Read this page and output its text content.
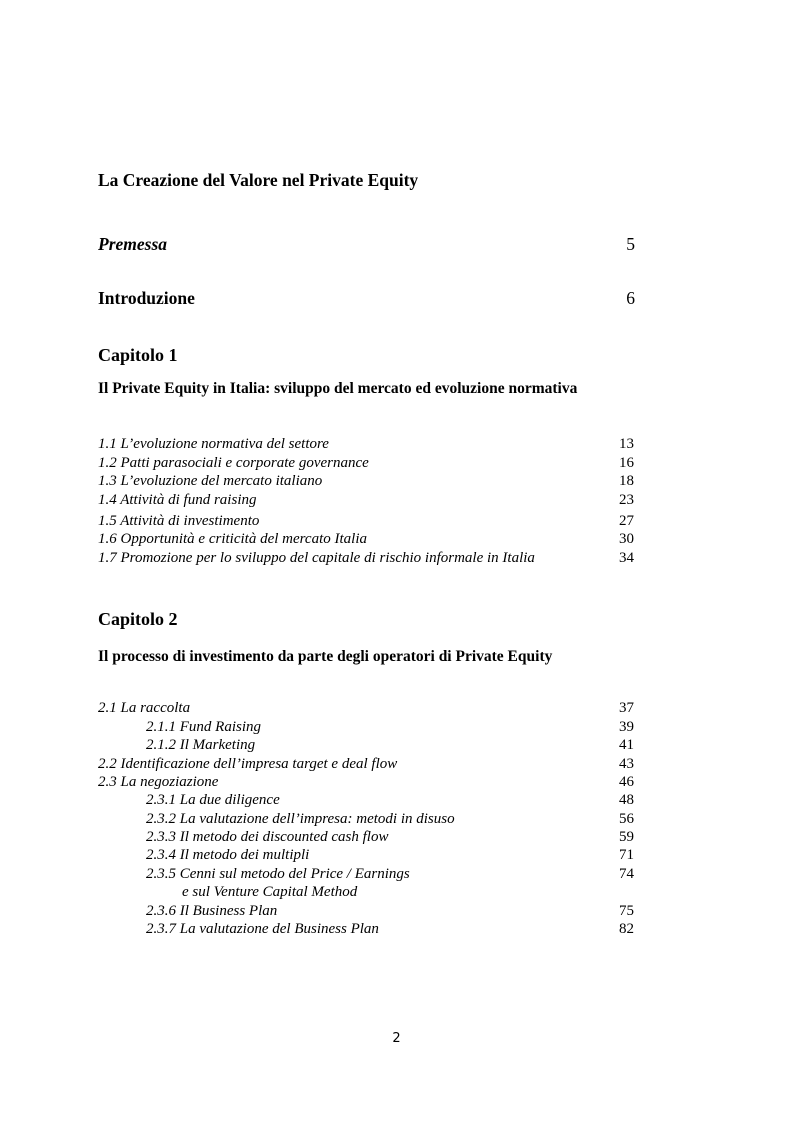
La Creazione del Valore nel Private Equity
Premessa	5
Introduzione	6
Capitolo 1
Il Private Equity in Italia: sviluppo del mercato ed evoluzione normativa
1.1 L’evoluzione normativa del settore	13
1.2 Patti parasociali e corporate governance	16
1.3 L’evoluzione del mercato italiano	18
1.4 Attività di fund raising	23
1.5 Attività di investimento	27
1.6 Opportunità e criticità del mercato Italia	30
1.7 Promozione per lo sviluppo del capitale di rischio informale in Italia	34
Capitolo 2
Il processo di investimento da parte degli operatori di Private Equity
2.1 La raccolta	37
2.1.1 Fund Raising	39
2.1.2 Il Marketing	41
2.2 Identificazione dell’impresa target e deal flow	43
2.3 La negoziazione	46
2.3.1 La due diligence	48
2.3.2 La valutazione dell’impresa: metodi in disuso	56
2.3.3 Il metodo dei discounted cash flow	59
2.3.4 Il metodo dei multipli	71
2.3.5 Cenni sul metodo del Price / Earnings	74
e sul Venture Capital Method
2.3.6 Il Business Plan	75
2.3.7 La valutazione del Business Plan	82
2
